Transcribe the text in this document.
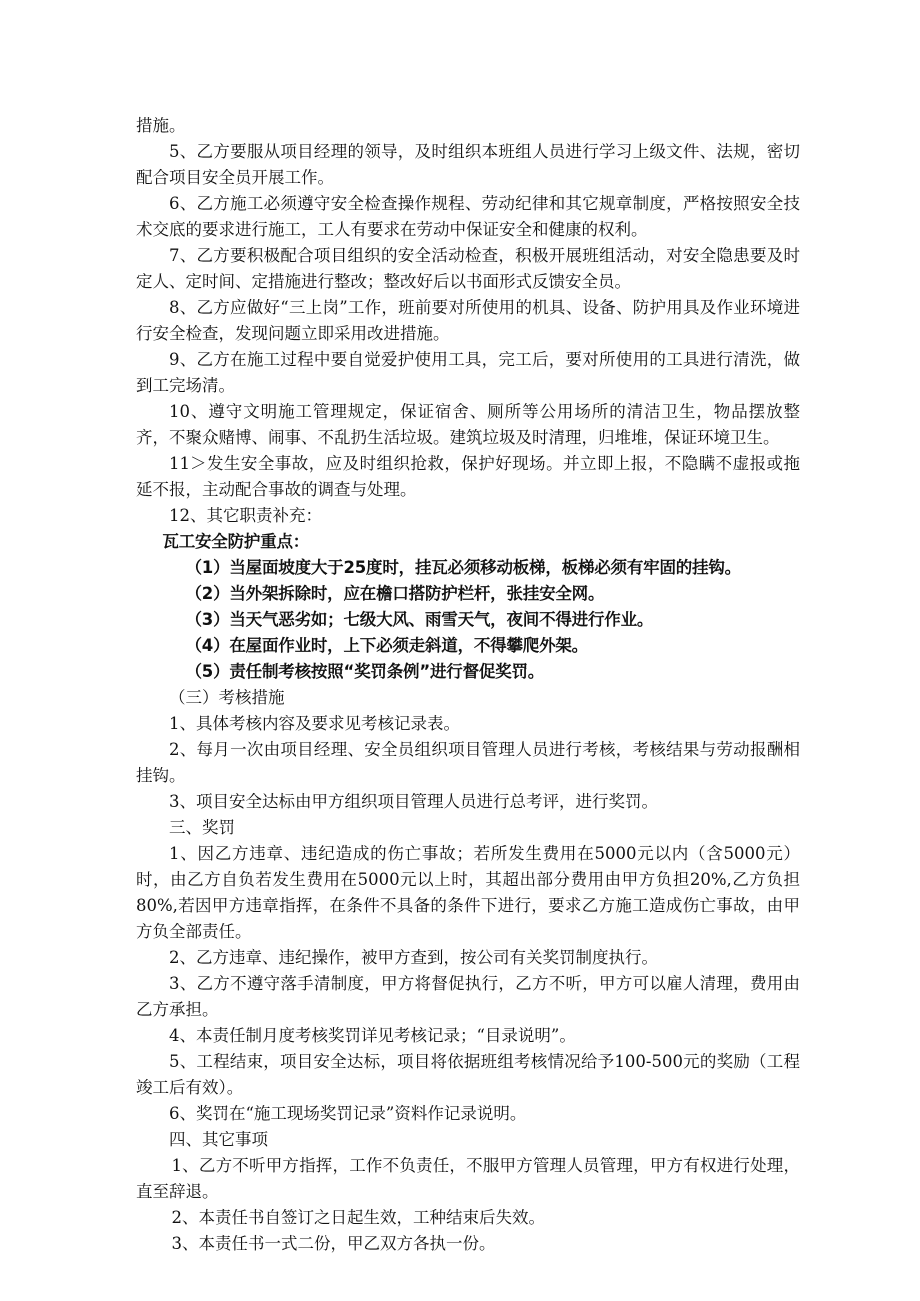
措施。

5、乙方要服从项目经理的领导，及时组织本班组人员进行学习上级文件、法规，密切配合项目安全员开展工作。

6、乙方施工必须遵守安全检查操作规程、劳动纪律和其它规章制度，严格按照安全技术交底的要求进行施工，工人有要求在劳动中保证安全和健康的权利。

7、乙方要积极配合项目组织的安全活动检查，积极开展班组活动，对安全隐患要及时定人、定时间、定措施进行整改；整改好后以书面形式反馈安全员。

8、乙方应做好“三上岗”工作，班前要对所使用的机具、设备、防护用具及作业环境进行安全检查，发现问题立即采用改进措施。

9、乙方在施工过程中要自觉爱护使用工具，完工后，要对所使用的工具进行清洗，做到工完场清。

10、遵守文明施工管理规定，保证宿舍、厕所等公用场所的清洁卫生，物品摆放整齐，不聚众赌博、闹事、不乱扔生活垃圾。建筑垃圾及时清理，归堆堆，保证环境卫生。

11＞发生安全事故，应及时组织抢救，保护好现场。并立即上报，不隐瞒不虚报或拖延不报，主动配合事故的调查与处理。

12、其它职责补充：

瓦工安全防护重点：

（1）当屋面坡度大于25度时，挂瓦必须移动板梯，板梯必须有牢固的挂钩。

（2）当外架拆除时，应在檐口搭防护栏杆，张挂安全网。

（3）当天气恶劣如；七级大风、雨雪天气，夜间不得进行作业。

（4）在屋面作业时，上下必须走斜道，不得攀爬外架。

（5）责任制考核按照“奖罚条例”进行督促奖罚。

（三）考核措施

1、具体考核内容及要求见考核记录表。

2、每月一次由项目经理、安全员组织项目管理人员进行考核，考核结果与劳动报酬相挂钩。

3、项目安全达标由甲方组织项目管理人员进行总考评，进行奖罚。

三、奖罚

1、因乙方违章、违纪造成的伤亡事故；若所发生费用在5000元以内（含5000元）时，由乙方自负若发生费用在5000元以上时，其超出部分费用由甲方负担20%,乙方负担80%,若因甲方违章指挥，在条件不具备的条件下进行，要求乙方施工造成伤亡事故，由甲方负全部责任。

2、乙方违章、违纪操作，被甲方查到，按公司有关奖罚制度执行。

3、乙方不遵守落手清制度，甲方将督促执行，乙方不听，甲方可以雇人清理，费用由乙方承担。

4、本责任制月度考核奖罚详见考核记录；“目录说明”。

5、工程结束，项目安全达标，项目将依据班组考核情况给予100-500元的奖励（工程竣工后有效）。

6、奖罚在“施工现场奖罚记录”资料作记录说明。

四、其它事项

1、乙方不听甲方指挥，工作不负责任，不服甲方管理人员管理，甲方有权进行处理，直至辞退。

2、本责任书自签订之日起生效，工种结束后失效。

3、本责任书一式二份，甲乙双方各执一份。
